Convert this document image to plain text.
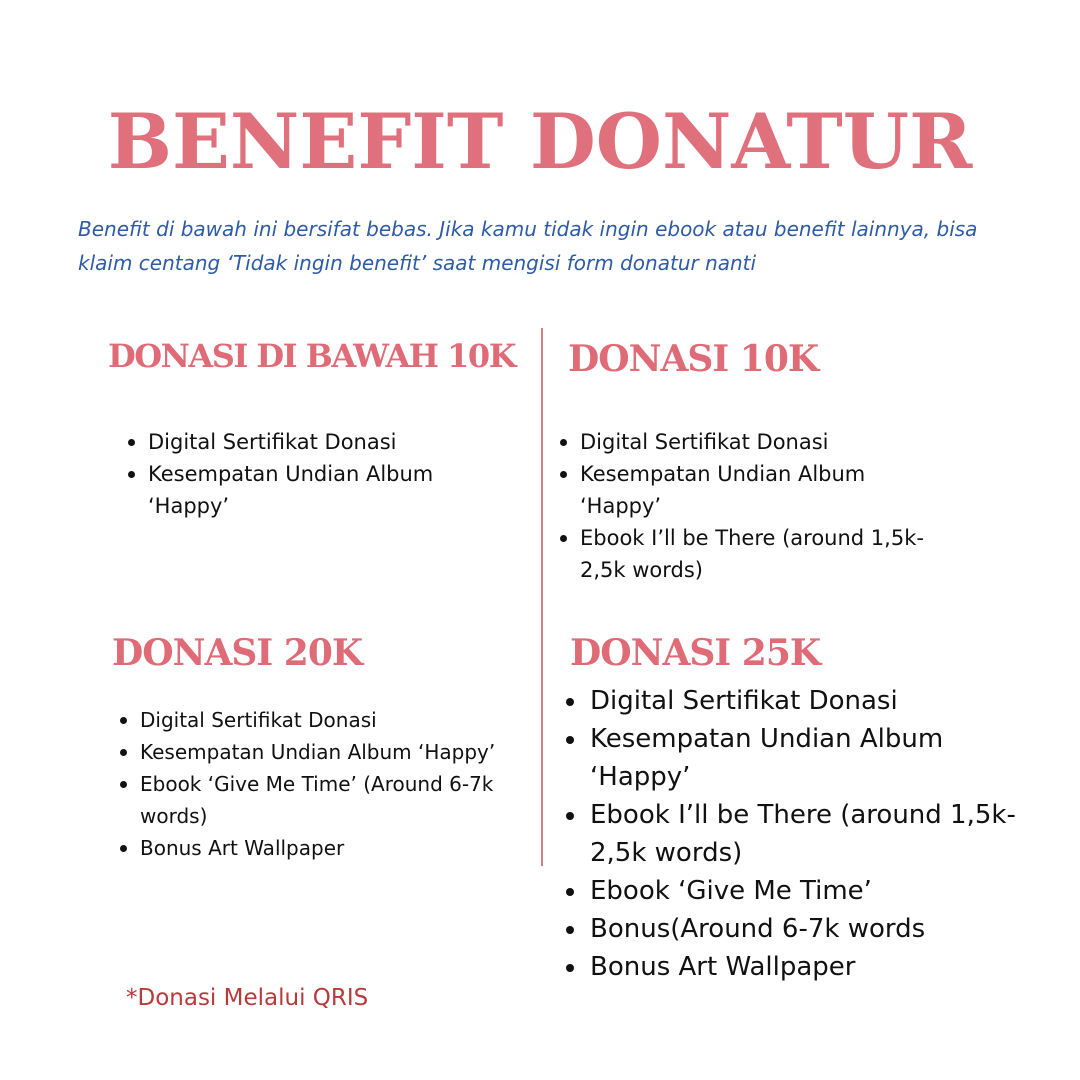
BENEFIT DONATUR

Benefit di bawah ini bersifat bebas. Jika kamu tidak ingin ebook atau benefit lainnya, bisa klaim centang ‘Tidak ingin benefit’ saat mengisi form donatur nanti

DONASI DI BAWAH 10K
Digital Sertifikat Donasi
Kesempatan Undian Album ‘Happy’
DONASI 10K
Digital Sertifikat Donasi
Kesempatan Undian Album ‘Happy’
Ebook I’ll be There (around 1,5k-2,5k words)
DONASI 20K
Digital Sertifikat Donasi
Kesempatan Undian Album ‘Happy’
Ebook ‘Give Me Time’ (Around 6-7k words)
Bonus Art Wallpaper
DONASI 25K
Digital Sertifikat Donasi
Kesempatan Undian Album ‘Happy’
Ebook I’ll be There (around 1,5k-2,5k words)
Ebook ‘Give Me Time’
Bonus(Around 6-7k words
Bonus Art Wallpaper

*Donasi Melalui QRIS
